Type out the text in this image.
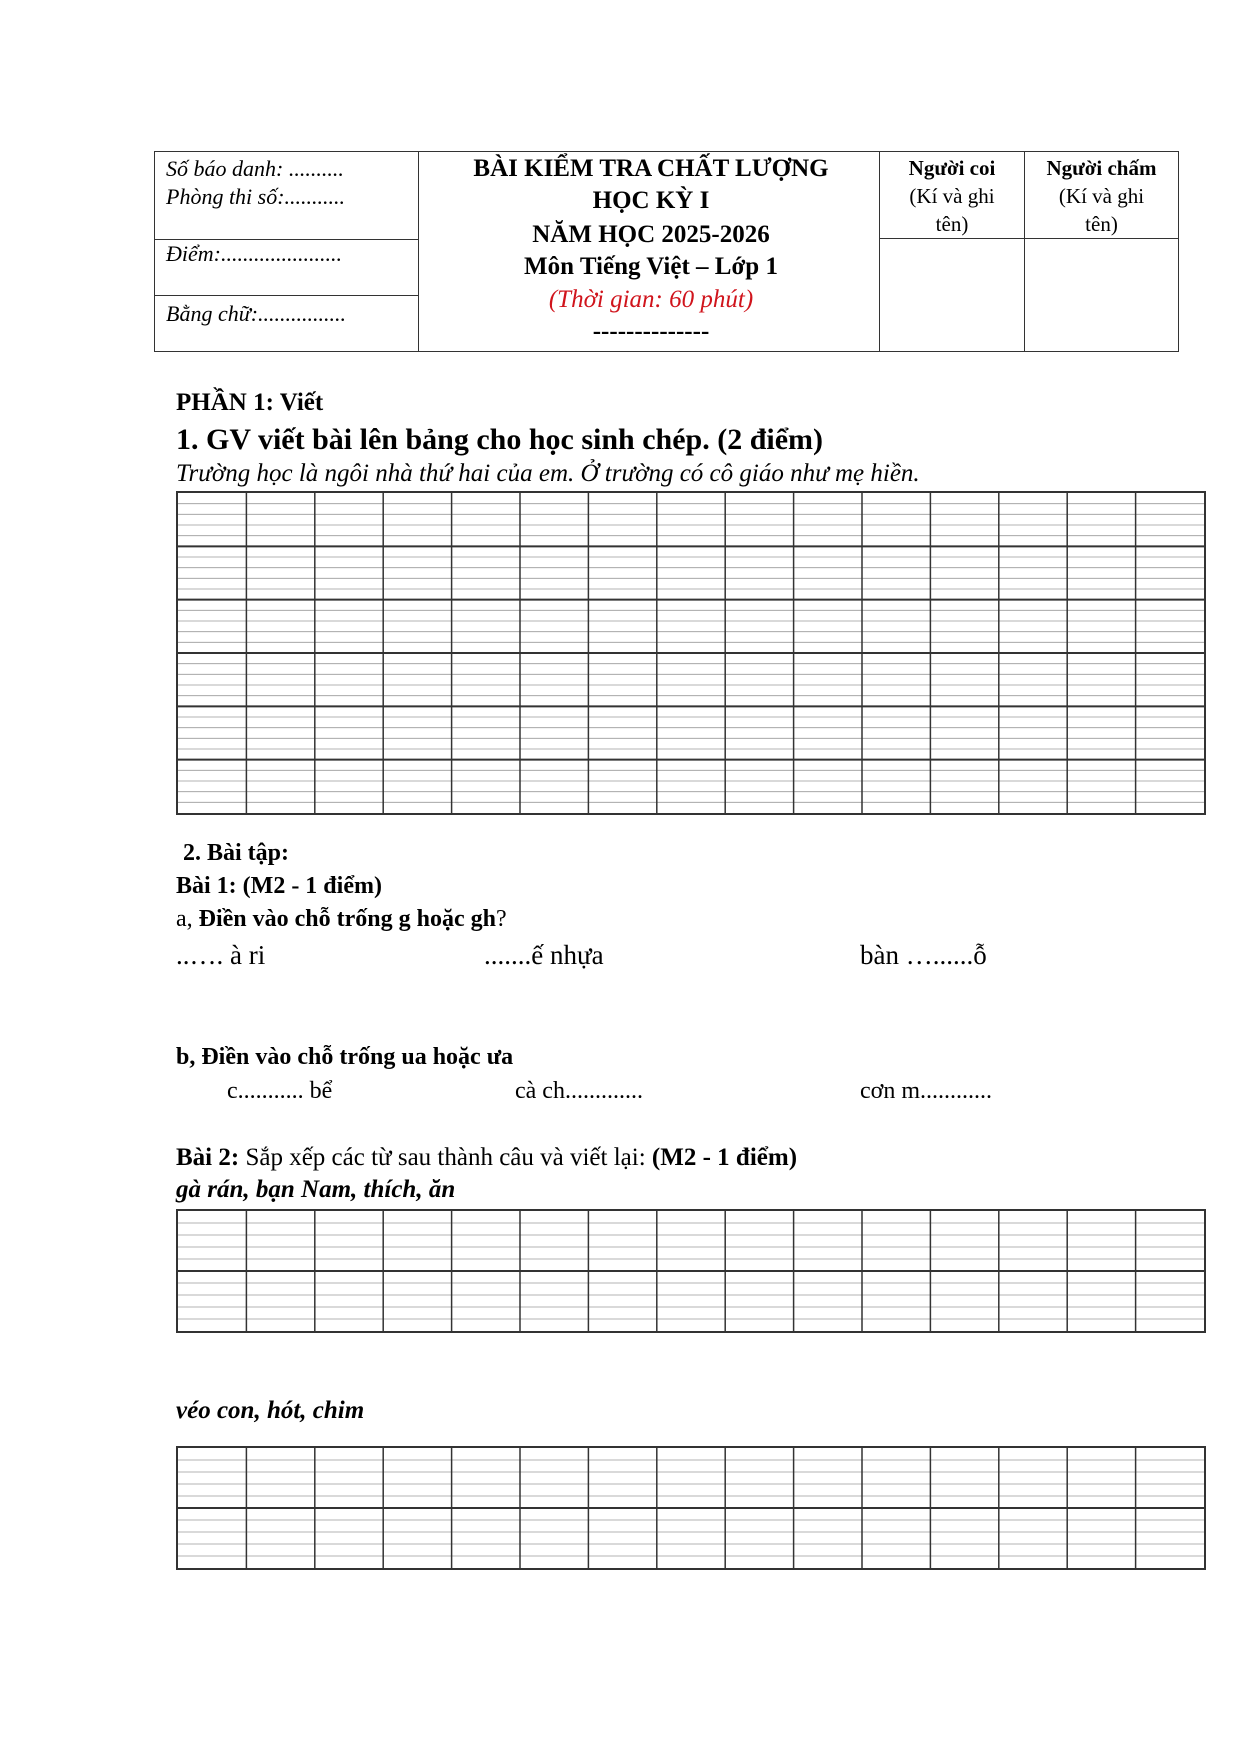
Số báo danh: ..........
Phòng thi số:...........
Điểm:......................
Bằng chữ:................
BÀI KIỂM TRA CHẤT LƯỢNG
HỌC KỲ I
NĂM HỌC 2025-2026
Môn Tiếng Việt – Lớp 1
(Thời gian: 60 phút)
--------------
Người coi
(Kí và ghi
tên)
Người chấm
(Kí và ghi
tên)
PHẦN 1: Viết
1. GV viết bài lên bảng cho học sinh chép. (2 điểm)
Trường học là ngôi nhà thứ hai của em. Ở trường có cô giáo như mẹ hiền.
2. Bài tập:
Bài 1: (M2 - 1 điểm)
a, Điền vào chỗ trống g hoặc gh?
..…. à ri	.......ế nhựa	bàn …......ỗ
b, Điền vào chỗ trống ua hoặc ưa
c........... bể	cà ch.............	cơn m............
Bài 2: Sắp xếp các từ sau thành câu và viết lại: (M2 - 1 điểm)
gà rán, bạn Nam, thích, ăn
véo con, hót, chim
